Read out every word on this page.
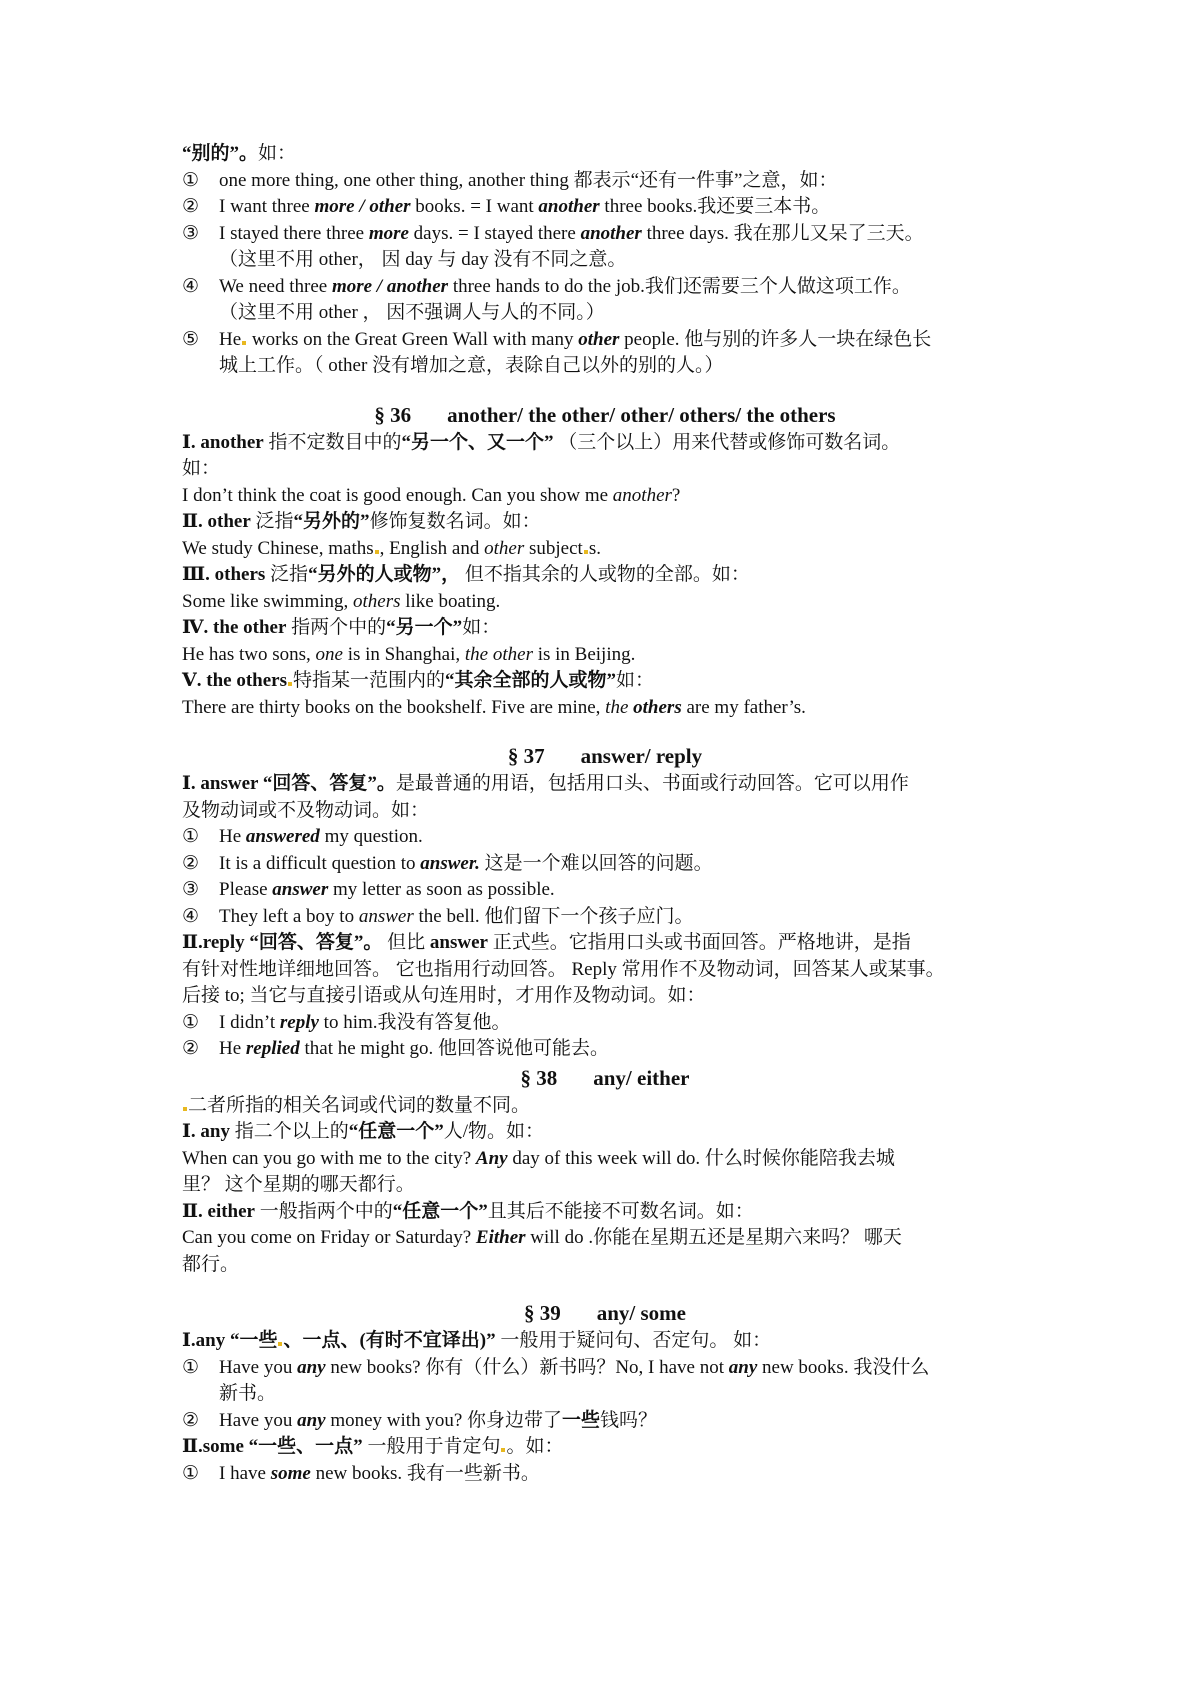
“别的”。如：
①	one more thing, one other thing, another thing 都表示“还有一件事”之意，如：
②	I want three more / other books. = I want another three books.我还要三本书。
③	I stayed there three more days. = I stayed there another three days. 我在那儿又呆了三天。
（这里不用 other， 因 day 与 day 没有不同之意。
④	We need three more / another three hands to do the job.我们还需要三个人做这项工作。
（这里不用 other ， 因不强调人与人的不同。）
⑤	He works on the Great Green Wall with many other people. 他与别的许多人一块在绿色长
城上工作。（ other 没有增加之意，表除自己以外的别的人。）
§ 36 another/ the other/ other/ others/ the others
Ⅰ. another 指不定数目中的“另一个、又一个” （三个以上）用来代替或修饰可数名词。
如：
I don’t think the coat is good enough. Can you show me another?
Ⅱ. other 泛指“另外的”修饰复数名词。如：
We study Chinese, maths , English and other subject s.
Ⅲ. others 泛指“另外的人或物”， 但不指其余的人或物的全部。如：
Some like swimming, others like boating.
Ⅳ. the other 指两个中的“另一个”如：
He has two sons, one is in Shanghai, the other is in Beijing.
Ⅴ. the others 特指某一范围内的“其余全部的人或物”如：
There are thirty books on the bookshelf. Five are mine, the others are my father’s.
§ 37 answer/ reply
Ⅰ. answer “回答、答复”。是最普通的用语，包括用口头、书面或行动回答。它可以用作
及物动词或不及物动词。如：
①	He answered my question.
②	It is a difficult question to answer. 这是一个难以回答的问题。
③	Please answer my letter as soon as possible.
④	They left a boy to answer the bell. 他们留下一个孩子应门。
Ⅱ.reply “回答、答复”。 但比 answer 正式些。它指用口头或书面回答。严格地讲，是指
有针对性地详细地回答。 它也指用行动回答。 Reply 常用作不及物动词，回答某人或某事。
后接 to; 当它与直接引语或从句连用时，才用作及物动词。如：
①	I didn’t reply to him.我没有答复他。
②	He replied that he might go. 他回答说他可能去。
§ 38 any/ either
二者所指的相关名词或代词的数量不同。
Ⅰ. any 指二个以上的“任意一个”人/物。如：
When can you go with me to the city? Any day of this week will do. 什么时候你能陪我去城
里？ 这个星期的哪天都行。
Ⅱ. either 一般指两个中的“任意一个”且其后不能接不可数名词。如：
Can you come on Friday or Saturday? Either will do .你能在星期五还是星期六来吗？ 哪天
都行。
§ 39 any/ some
Ⅰ.any “一些 、一点、(有时不宜译出)” 一般用于疑问句、否定句。 如：
①	Have you any new books? 你有（什么）新书吗？No, I have not any new books. 我没什么
新书。
②	Have you any money with you? 你身边带了一些钱吗？
Ⅱ.some “一些、一点” 一般用于肯定句 。如：
①	I have some new books. 我有一些新书。
